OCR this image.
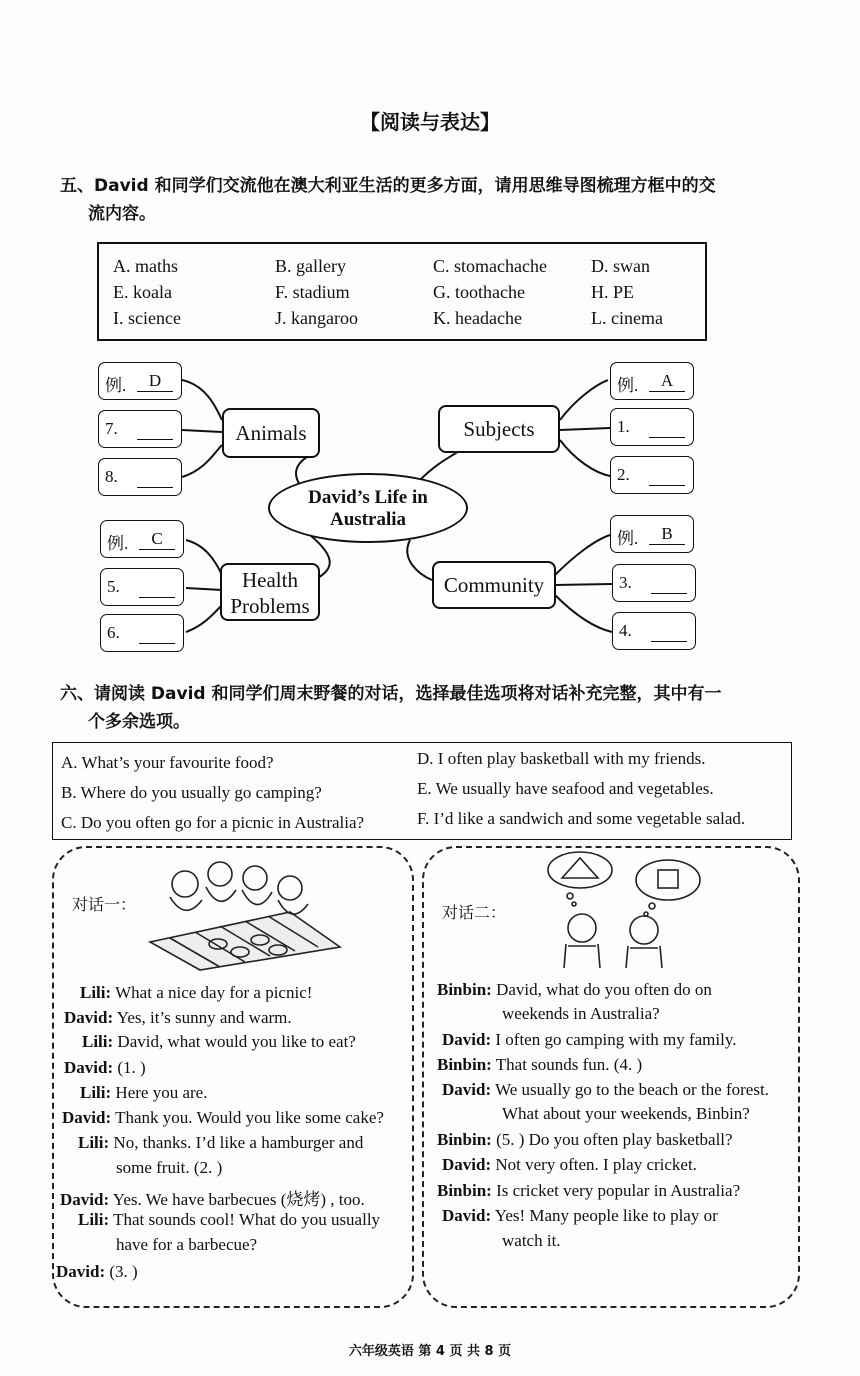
【阅读与表达】
五、David 和同学们交流他在澳大利亚生活的更多方面，请用思维导图梳理方框中的交
流内容。
A. maths	B. gallery	C. stomachache D. swan
E. koala	F. stadium	G. toothache	H. PE
I. science	J. kangaroo	K. headache	L. cinema
Animals	Subjects
Health
Problems
Community
David’s Life in
Australia
例.	D
7.
8.
例.	A
1.
2.
例.	C
5.
6.
例.	B
3.
4.
六、请阅读 David 和同学们周末野餐的对话，选择最佳选项将对话补充完整，其中有一
个多余选项。
A. What’s your favourite food?
B. Where do you usually go camping?
C. Do you often go for a picnic in Australia?
D. I often play basketball with my friends.
E. We usually have seafood and vegetables.
F. I’d like a sandwich and some vegetable salad.
对话一：
Lili: What a nice day for a picnic!
David: Yes, it’s sunny and warm.
Lili: David, what would you like to eat?
David: (1. )
Lili: Here you are.
David: Thank you. Would you like some cake?
Lili: No, thanks. I’d like a hamburger and
some fruit. (2. )
David: Yes. We have barbecues (烧烤) , too.
Lili: That sounds cool! What do you usually
have for a barbecue?
David: (3. )
对话二：
Binbin: David, what do you often do on
weekends in Australia?
David: I often go camping with my family.
Binbin: That sounds fun. (4. )
David: We usually go to the beach or the forest.
What about your weekends, Binbin?
Binbin: (5. ) Do you often play basketball?
David: Not very often. I play cricket.
Binbin: Is cricket very popular in Australia?
David: Yes! Many people like to play or
watch it.
六年级英语 第 4 页 共 8 页
